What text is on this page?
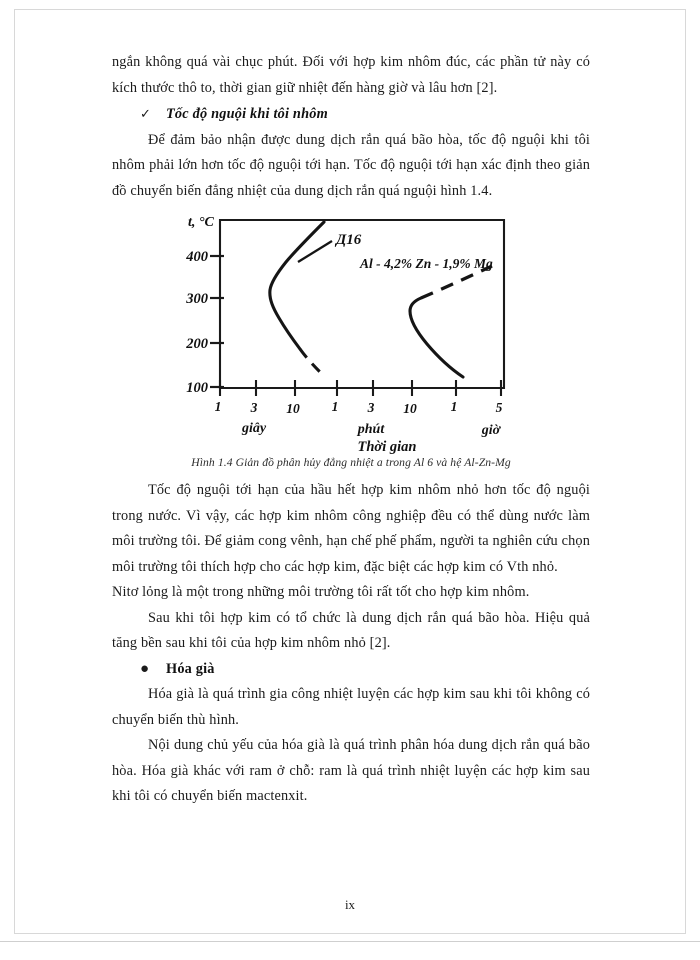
ngắn không quá vài chục phút. Đối với hợp kim nhôm đúc, các phần tử này có kích thước thô to, thời gian giữ nhiệt đến hàng giờ và lâu hơn [2].

✓	Tốc độ nguội khi tôi nhôm

Để đảm bảo nhận được dung dịch rắn quá bão hòa, tốc độ nguội khi tôi nhôm phải lớn hơn tốc độ nguội tới hạn. Tốc độ nguội tới hạn xác định theo giản đồ chuyển biến đẳng nhiệt của dung dịch rắn quá nguội hình 1.4.

400
300
200
100
t, °C
1 3 10 1 3 10	1	5
giây	phút	giờ
Thời gian
Д16
Al - 4,2% Zn - 1,9% Mg
Hình 1.4 Giản đồ phân hủy đẳng nhiệt a trong Al 6 và hệ Al-Zn-Mg

Tốc độ nguội tới hạn của hầu hết hợp kim nhôm nhỏ hơn tốc độ nguội trong nước. Vì vậy, các hợp kim nhôm công nghiệp đều có thể dùng nước làm môi trường tôi. Để giảm cong vênh, hạn chế phế phẩm, người ta nghiên cứu chọn môi trường tôi thích hợp cho các hợp kim, đặc biệt các hợp kim có Vth nhỏ.

Nitơ lỏng là một trong những môi trường tôi rất tốt cho hợp kim nhôm.

Sau khi tôi hợp kim có tổ chức là dung dịch rắn quá bão hòa. Hiệu quả tăng bền sau khi tôi của hợp kim nhôm nhỏ [2].

●	Hóa già

Hóa già là quá trình gia công nhiệt luyện các hợp kim sau khi tôi không có chuyển biến thù hình.

Nội dung chủ yếu của hóa già là quá trình phân hóa dung dịch rắn quá bão hòa. Hóa già khác với ram ở chỗ: ram là quá trình nhiệt luyện các hợp kim sau khi tôi có chuyển biến mactenxit.

ix
